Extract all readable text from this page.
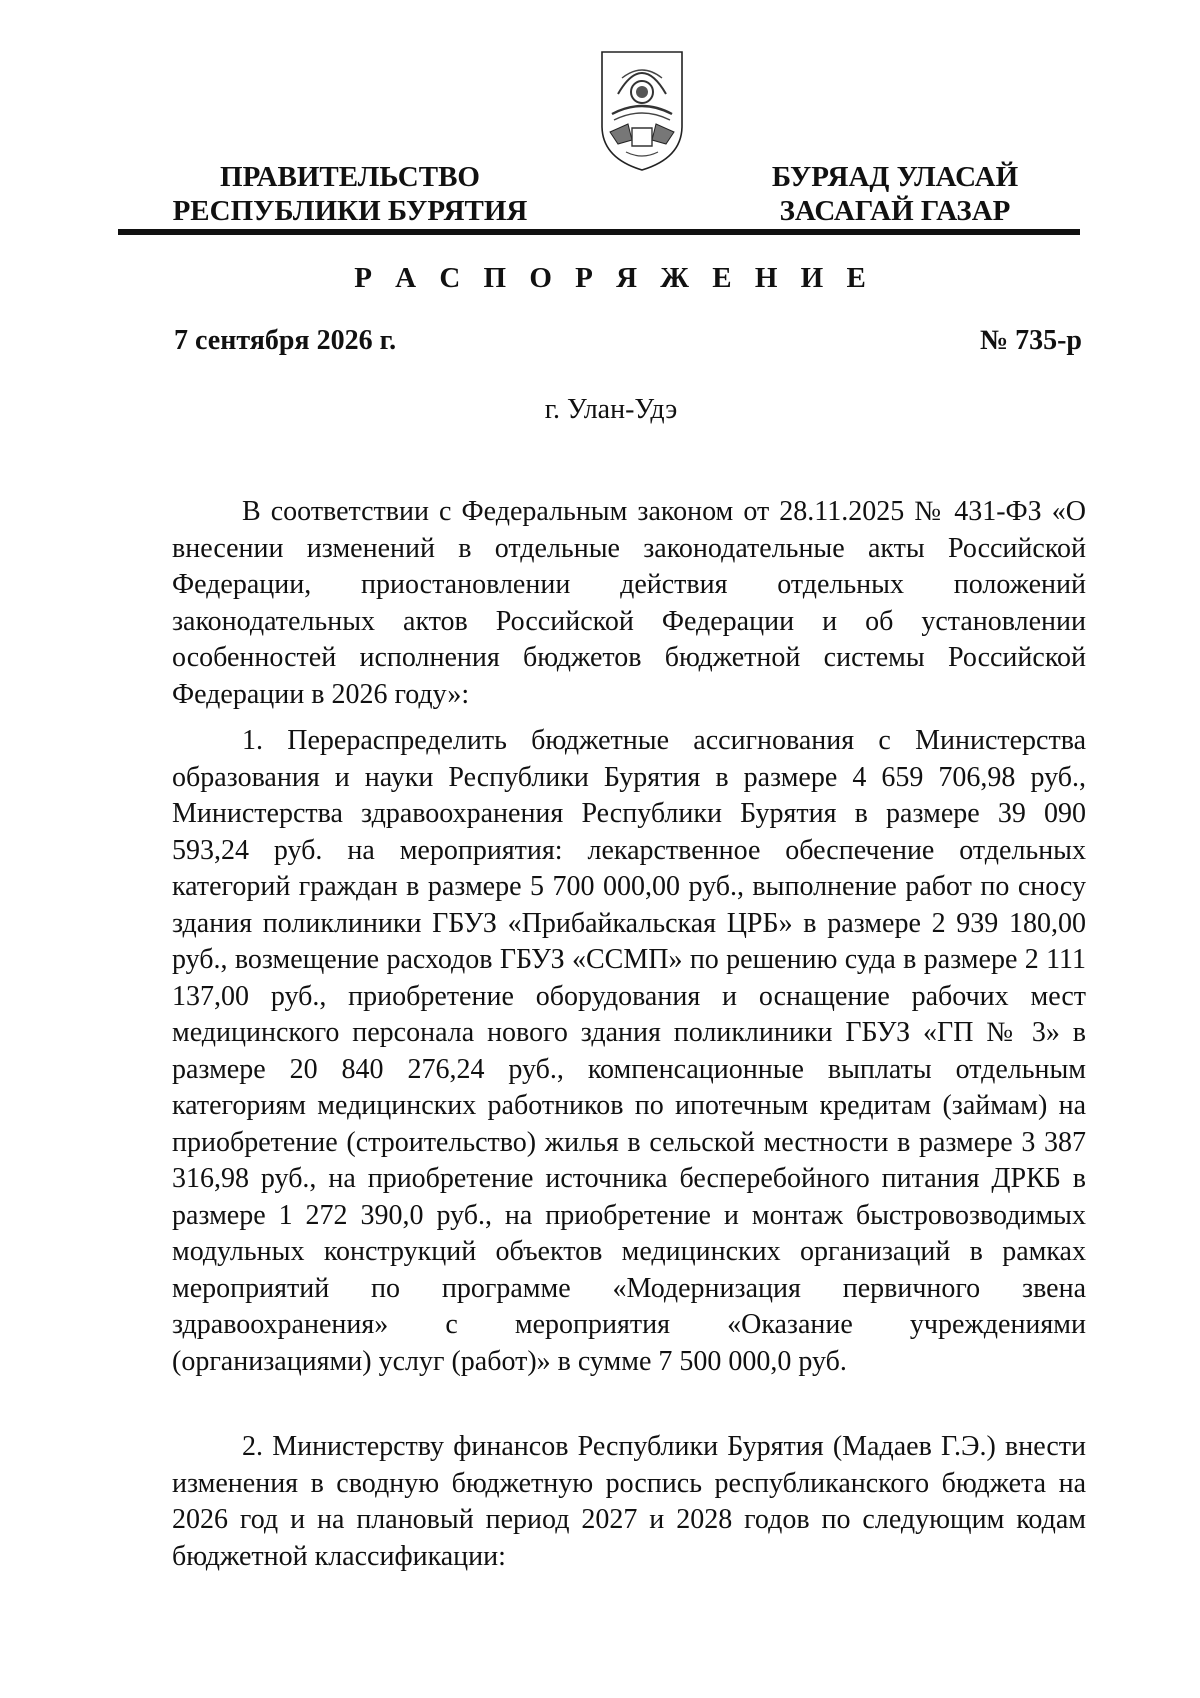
ПРАВИТЕЛЬСТВО
РЕСПУБЛИКИ БУРЯТИЯ
БУРЯАД УЛАСАЙ
ЗАСАГАЙ ГАЗАР
Р А С П О Р Я Ж Е Н И Е
7 сентября 2026 г.	№ 735-р
г. Улан-Удэ

В соответствии с Федеральным законом от 28.11.2025 № 431-ФЗ «О внесении изменений в отдельные законодательные акты Российской Федерации, приостановлении действия отдельных положений законодательных актов Российской Федерации и об установлении особенностей исполнения бюджетов бюджетной системы Российской Федерации в 2026 году»:

1. Перераспределить бюджетные ассигнования с Министерства образования и науки Республики Бурятия в размере 4 659 706,98 руб., Министерства здравоохранения Республики Бурятия в размере 39 090 593,24 руб. на мероприятия: лекарственное обеспечение отдельных категорий граждан в размере 5 700 000,00 руб., выполнение работ по сносу здания поликлиники ГБУЗ «Прибайкальская ЦРБ» в размере 2 939 180,00 руб., возмещение расходов ГБУЗ «ССМП» по решению суда в размере 2 111 137,00 руб., приобретение оборудования и оснащение рабочих мест медицинского персонала нового здания поликлиники ГБУЗ «ГП № 3» в размере 20 840 276,24 руб., компенсационные выплаты отдельным категориям медицинских работников по ипотечным кредитам (займам) на приобретение (строительство) жилья в сельской местности в размере 3 387 316,98 руб., на приобретение источника бесперебойного питания ДРКБ в размере 1 272 390,0 руб., на приобретение и монтаж быстровозводимых модульных конструкций объектов медицинских организаций в рамках мероприятий по программе «Модернизация первичного звена здравоохранения» с мероприятия «Оказание учреждениями (организациями) услуг (работ)» в сумме 7 500 000,0 руб.

2. Министерству финансов Республики Бурятия (Мадаев Г.Э.) внести изменения в сводную бюджетную роспись республиканского бюджета на 2026 год и на плановый период 2027 и 2028 годов по следующим кодам бюджетной классификации:
